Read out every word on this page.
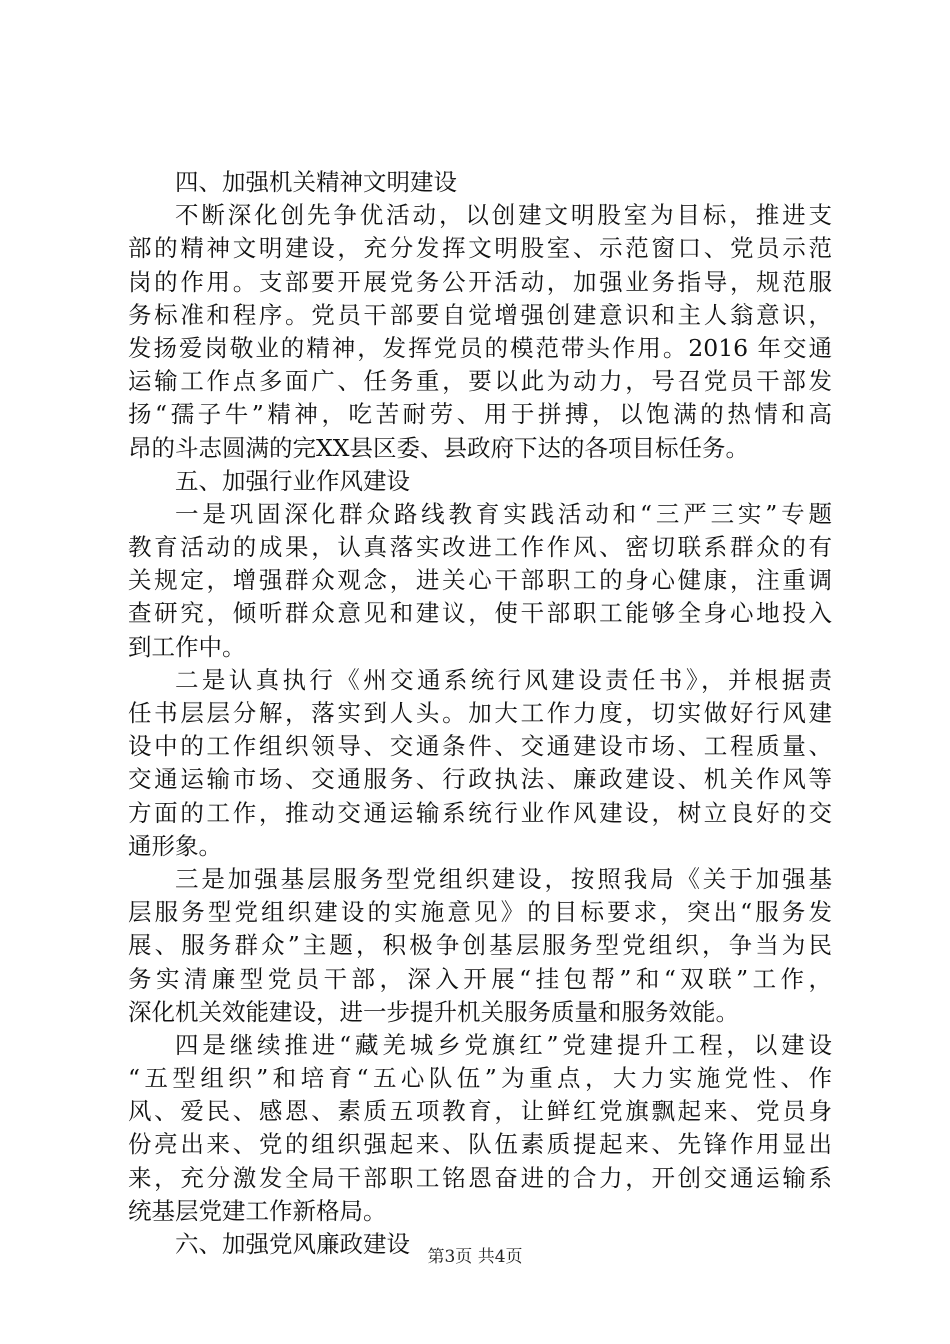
四、加强机关精神文明建设
不断深化创先争优活动，以创建文明股室为目标，推进支
部的精神文明建设，充分发挥文明股室、示范窗口、党员示范
岗的作用。支部要开展党务公开活动，加强业务指导，规范服
务标准和程序。党员干部要自觉增强创建意识和主人翁意识，
发扬爱岗敬业的精神，发挥党员的模范带头作用。2016 年交通
运输工作点多面广、任务重，要以此为动力，号召党员干部发
扬“孺子牛”精神，吃苦耐劳、用于拼搏，以饱满的热情和高
昂的斗志圆满的完XX县区委、县政府下达的各项目标任务。
五、加强行业作风建设
一是巩固深化群众路线教育实践活动和“三严三实”专题
教育活动的成果，认真落实改进工作作风、密切联系群众的有
关规定，增强群众观念，进关心干部职工的身心健康，注重调
查研究，倾听群众意见和建议，使干部职工能够全身心地投入
到工作中。
二是认真执行《州交通系统行风建设责任书》，并根据责
任书层层分解，落实到人头。加大工作力度，切实做好行风建
设中的工作组织领导、交通条件、交通建设市场、工程质量、
交通运输市场、交通服务、行政执法、廉政建设、机关作风等
方面的工作，推动交通运输系统行业作风建设，树立良好的交
通形象。
三是加强基层服务型党组织建设，按照我局《关于加强基
层服务型党组织建设的实施意见》的目标要求，突出“服务发
展、服务群众”主题，积极争创基层服务型党组织，争当为民
务实清廉型党员干部，深入开展“挂包帮”和“双联”工作，
深化机关效能建设，进一步提升机关服务质量和服务效能。
四是继续推进“藏羌城乡党旗红”党建提升工程，以建设
“五型组织”和培育“五心队伍”为重点，大力实施党性、作
风、爱民、感恩、素质五项教育，让鲜红党旗飘起来、党员身
份亮出来、党的组织强起来、队伍素质提起来、先锋作用显出
来，充分激发全局干部职工铭恩奋进的合力，开创交通运输系
统基层党建工作新格局。
六、加强党风廉政建设	第3页 共4页
